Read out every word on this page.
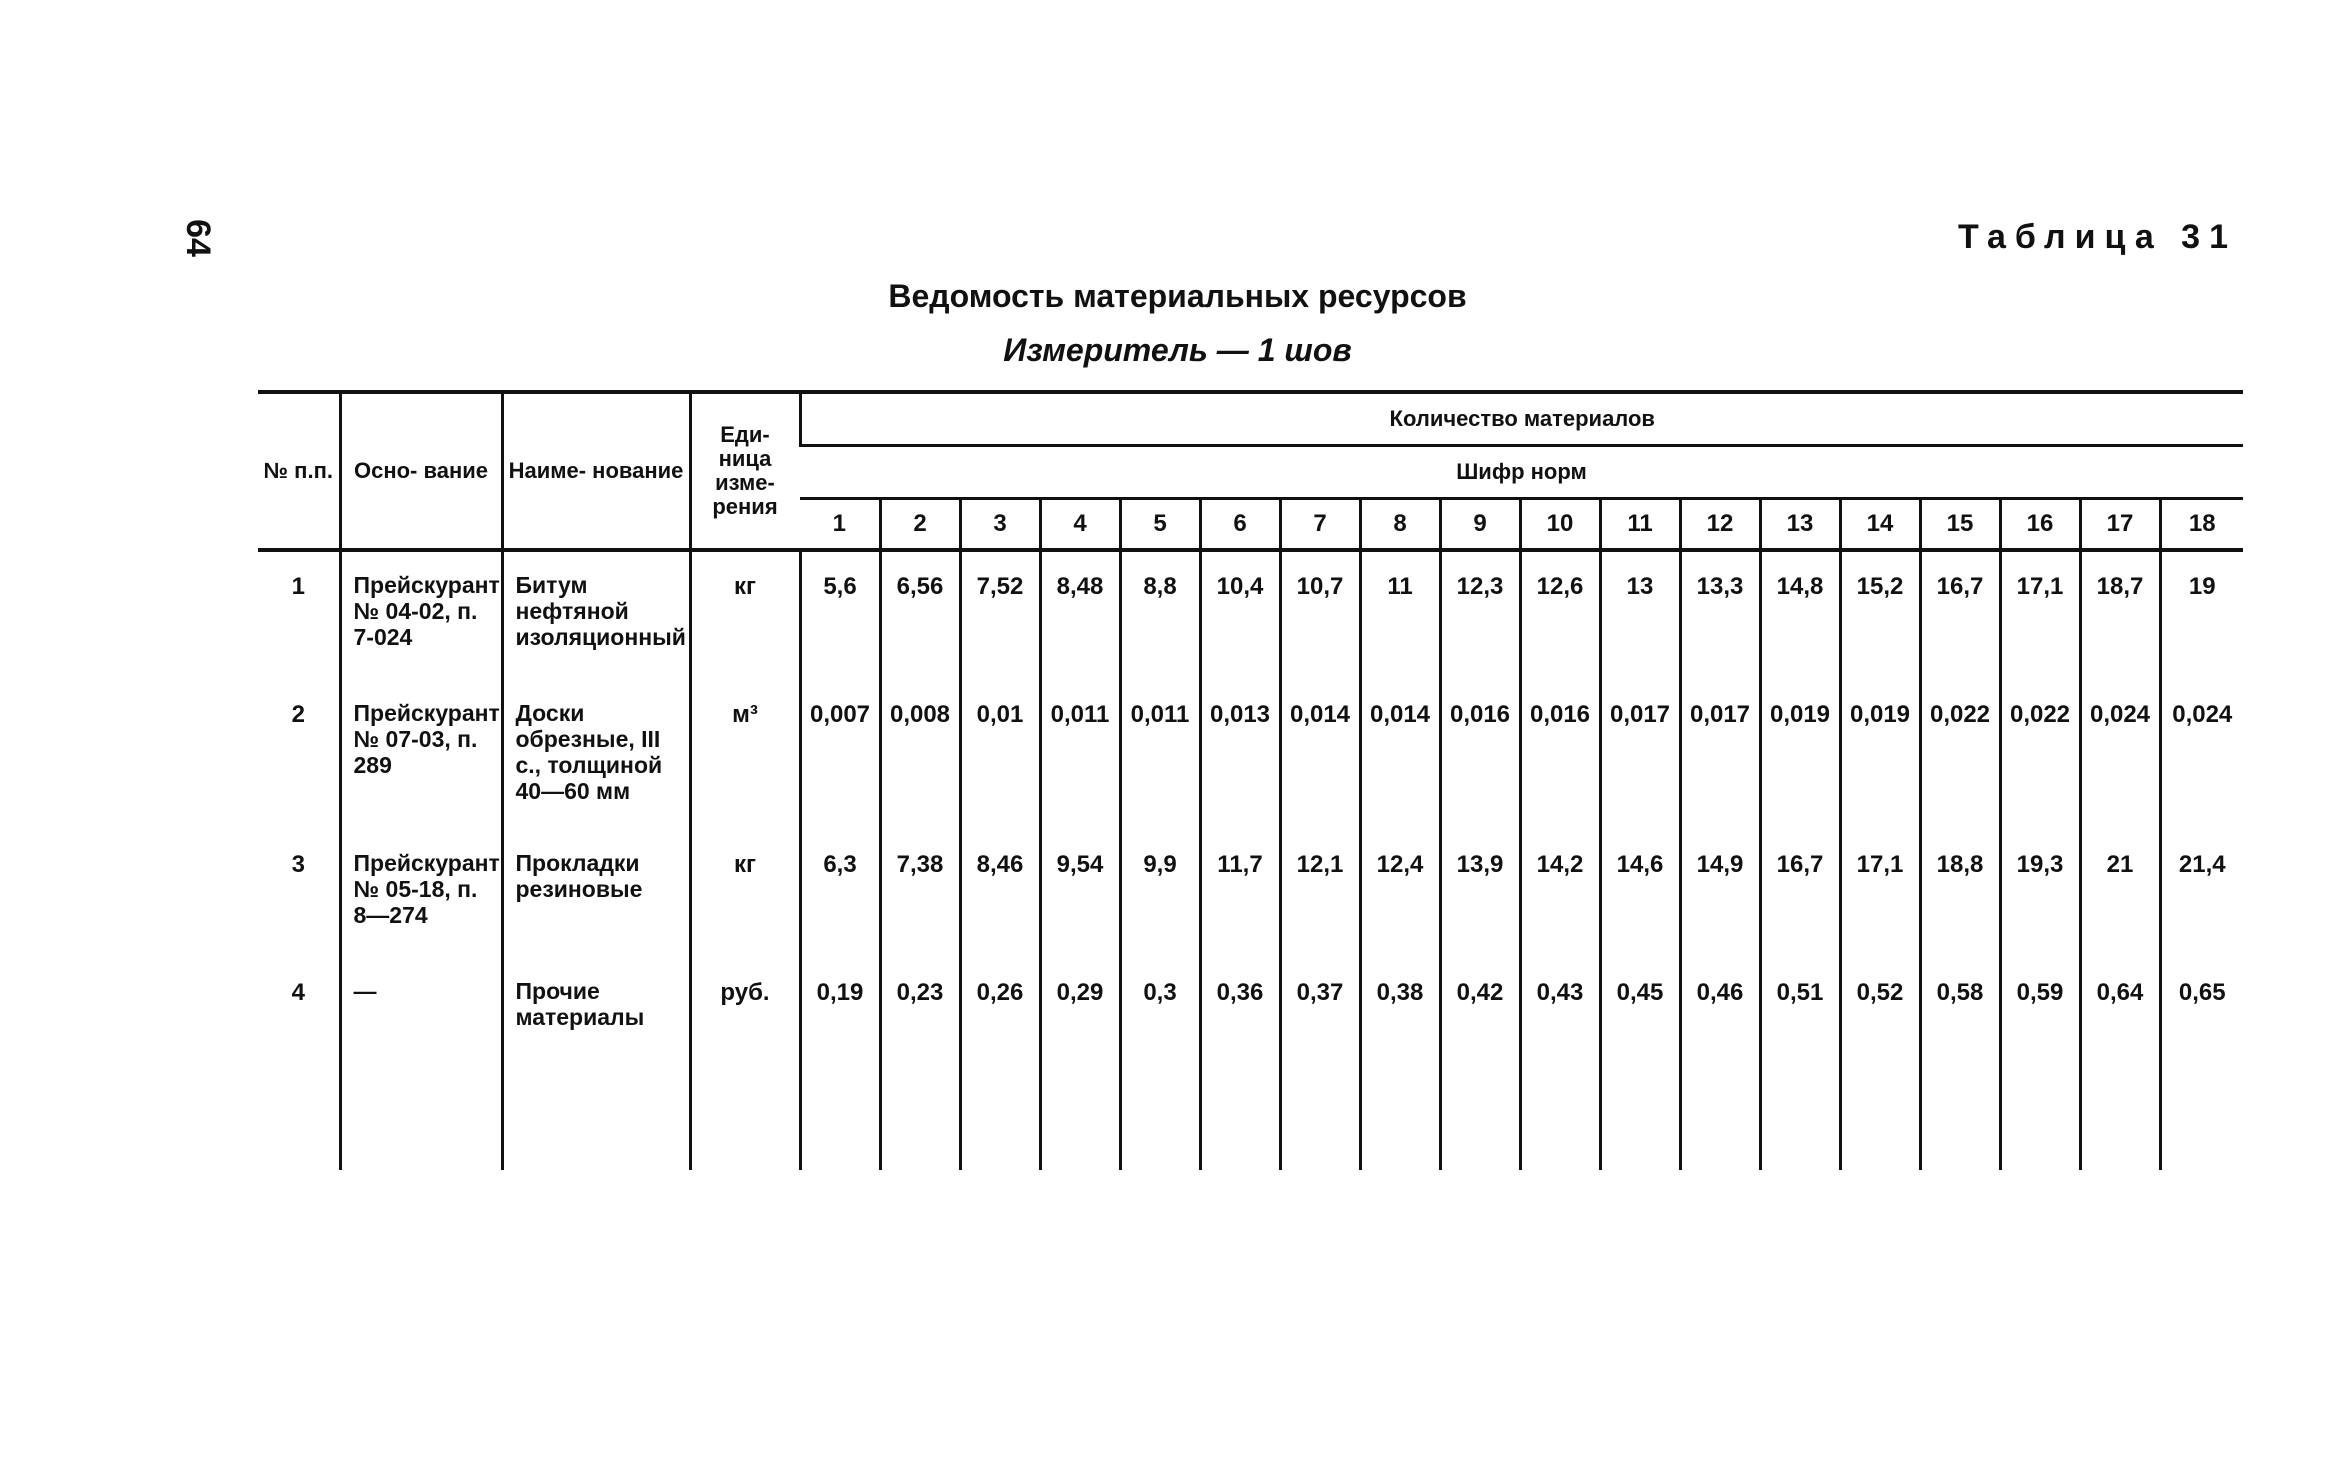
64	Таблица 31
Ведомость материальных ресурсов
Измеритель — 1 шов
№ п.п.	Осно- вание	Наиме- нование	Еди- ница изме- рения	Количество материалов																	
				Шифр норм																	
				1	2	3	4	5	6	7	8	9	10	11	12	13	14	15	16	17	18
1	Прейскурант № 04-02, п. 7-024	Битум нефтяной изоляционный	кг	5,6	6,56	7,52	8,48	8,8	10,4	10,7	11	12,3	12,6	13	13,3	14,8	15,2	16,7	17,1	18,7	19
2	Прейскурант № 07-03, п. 289	Доски обрезные, III с., толщиной 40—60 мм	м³	0,007	0,008	0,01	0,011	0,011	0,013	0,014	0,014	0,016	0,016	0,017	0,017	0,019	0,019	0,022	0,022	0,024	0,024
3	Прейскурант № 05-18, п. 8—274	Прокладки резиновые	кг	6,3	7,38	8,46	9,54	9,9	11,7	12,1	12,4	13,9	14,2	14,6	14,9	16,7	17,1	18,8	19,3	21	21,4
4	—	Прочие материалы	руб.	0,19	0,23	0,26	0,29	0,3	0,36	0,37	0,38	0,42	0,43	0,45	0,46	0,51	0,52	0,58	0,59	0,64	0,65
